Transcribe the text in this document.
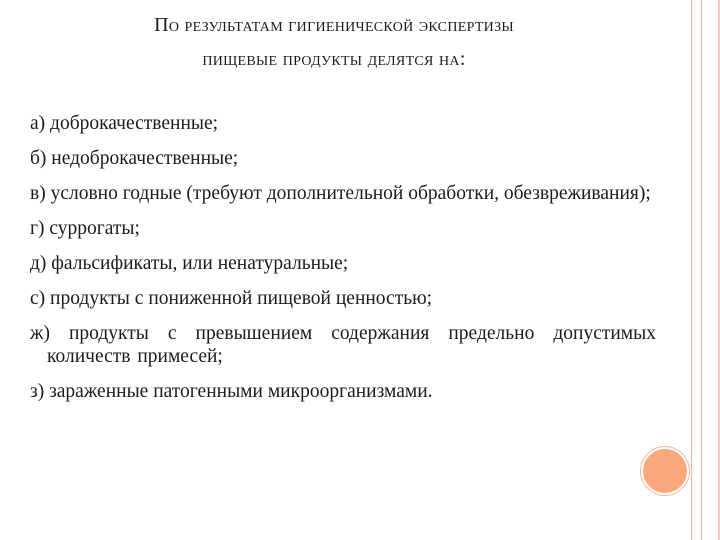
По результатам гигиенической экспертизы
пищевые продукты делятся на:
а) доброкачественные;
б) недоброкачественные;
в) условно годные (требуют дополнительной обработки, обезвреживания);
г) суррогаты;
д) фальсификаты, или ненатуральные;
с) продукты с пониженной пищевой ценностью;
ж) продукты с превышением содержания предельно допустимых количеств примесей;
з) зараженные патогенными микроорганизмами.
